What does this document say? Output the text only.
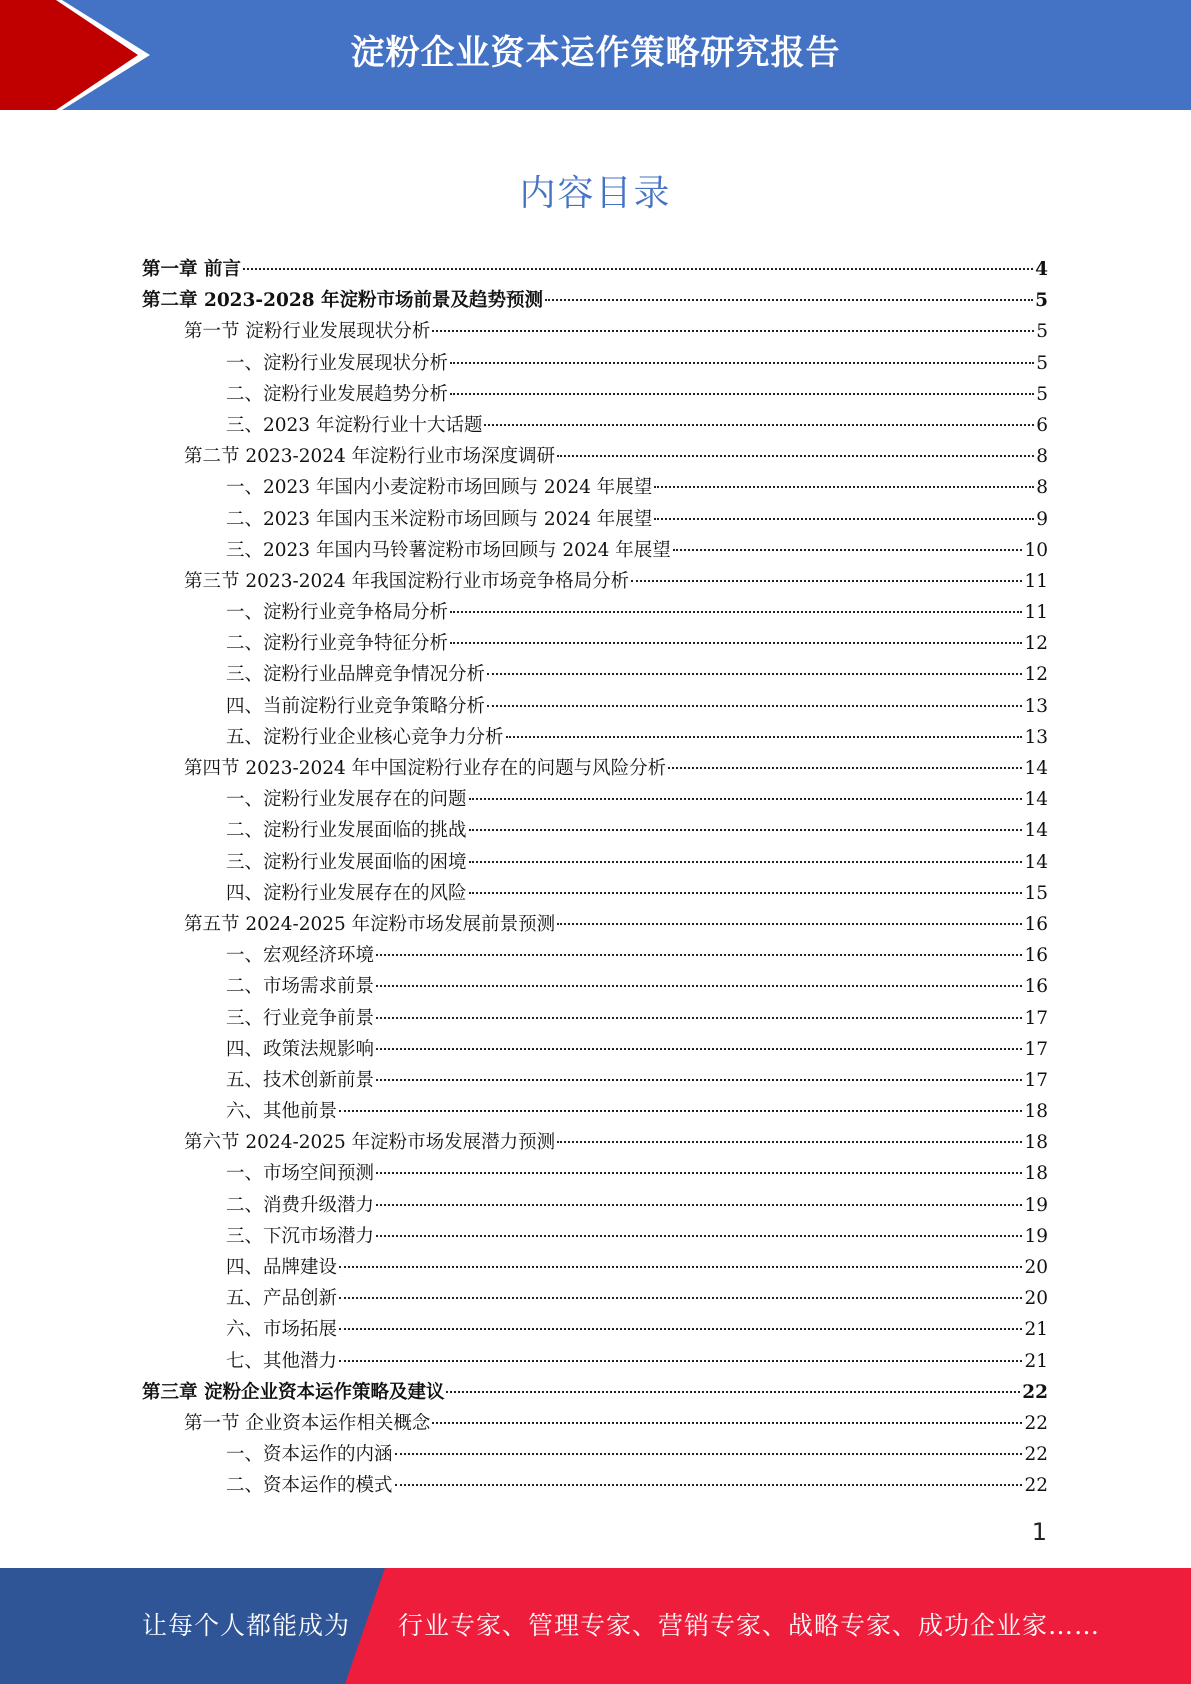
淀粉企业资本运作策略研究报告
内容目录
第一章 前言	4
第二章 2023-2028 年淀粉市场前景及趋势预测	5
第一节 淀粉行业发展现状分析	5
一、淀粉行业发展现状分析	5
二、淀粉行业发展趋势分析	5
三、2023 年淀粉行业十大话题	6
第二节 2023-2024 年淀粉行业市场深度调研	8
一、2023 年国内小麦淀粉市场回顾与 2024 年展望	8
二、2023 年国内玉米淀粉市场回顾与 2024 年展望	9
三、2023 年国内马铃薯淀粉市场回顾与 2024 年展望	10
第三节 2023-2024 年我国淀粉行业市场竞争格局分析	11
一、淀粉行业竞争格局分析	11
二、淀粉行业竞争特征分析	12
三、淀粉行业品牌竞争情况分析	12
四、当前淀粉行业竞争策略分析	13
五、淀粉行业企业核心竞争力分析	13
第四节 2023-2024 年中国淀粉行业存在的问题与风险分析	14
一、淀粉行业发展存在的问题	14
二、淀粉行业发展面临的挑战	14
三、淀粉行业发展面临的困境	14
四、淀粉行业发展存在的风险	15
第五节 2024-2025 年淀粉市场发展前景预测	16
一、宏观经济环境	16
二、市场需求前景	16
三、行业竞争前景	17
四、政策法规影响	17
五、技术创新前景	17
六、其他前景	18
第六节 2024-2025 年淀粉市场发展潜力预测	18
一、市场空间预测	18
二、消费升级潜力	19
三、下沉市场潜力	19
四、品牌建设	20
五、产品创新	20
六、市场拓展	21
七、其他潜力	21
第三章 淀粉企业资本运作策略及建议	22
第一节 企业资本运作相关概念	22
一、资本运作的内涵	22
二、资本运作的模式	22
1
让每个人都能成为 行业专家、管理专家、营销专家、战略专家、成功企业家……
